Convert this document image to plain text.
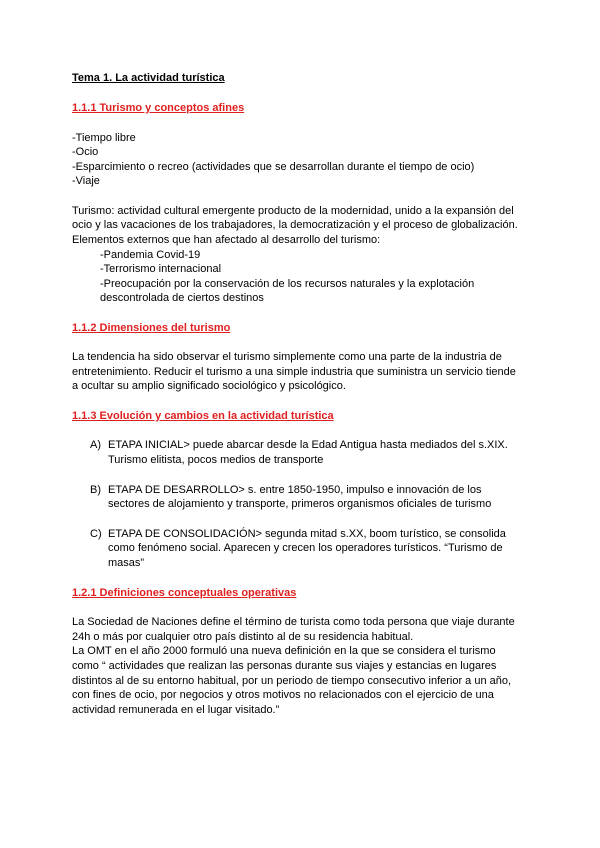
Tema 1. La actividad turística
1.1.1 Turismo y conceptos afines
-Tiempo libre
-Ocio
-Esparcimiento o recreo (actividades que se desarrollan durante el tiempo de ocio)
-Viaje
Turismo: actividad cultural emergente producto de la modernidad, unido a la expansión del
ocio y las vacaciones de los trabajadores, la democratización y el proceso de globalización.
Elementos externos que han afectado al desarrollo del turismo:
-Pandemia Covid-19
-Terrorismo internacional
-Preocupación por la conservación de los recursos naturales y la explotación
descontrolada de ciertos destinos
1.1.2 Dimensiones del turismo
La tendencia ha sido observar el turismo simplemente como una parte de la industria de
entretenimiento. Reducir el turismo a una simple industria que suministra un servicio tiende
a ocultar su amplio significado sociológico y psicológico.
1.1.3 Evolución y cambios en la actividad turística
A) ETAPA INICIAL> puede abarcar desde la Edad Antigua hasta mediados del s.XIX.
Turismo elitista, pocos medios de transporte
B) ETAPA DE DESARROLLO> s. entre 1850-1950, impulso e innovación de los
sectores de alojamiento y transporte, primeros organismos oficiales de turismo
C) ETAPA DE CONSOLIDACIÓN> segunda mitad s.XX, boom turístico, se consolida
como fenómeno social. Aparecen y crecen los operadores turísticos. “Turismo de
masas”
1.2.1 Definiciones conceptuales operativas
La Sociedad de Naciones define el término de turista como toda persona que viaje durante
24h o más por cualquier otro país distinto al de su residencia habitual.
La OMT en el año 2000 formuló una nueva definición en la que se considera el turismo
como “ actividades que realizan las personas durante sus viajes y estancias en lugares
distintos al de su entorno habitual, por un periodo de tiempo consecutivo inferior a un año,
con fines de ocio, por negocios y otros motivos no relacionados con el ejercicio de una
actividad remunerada en el lugar visitado.”
